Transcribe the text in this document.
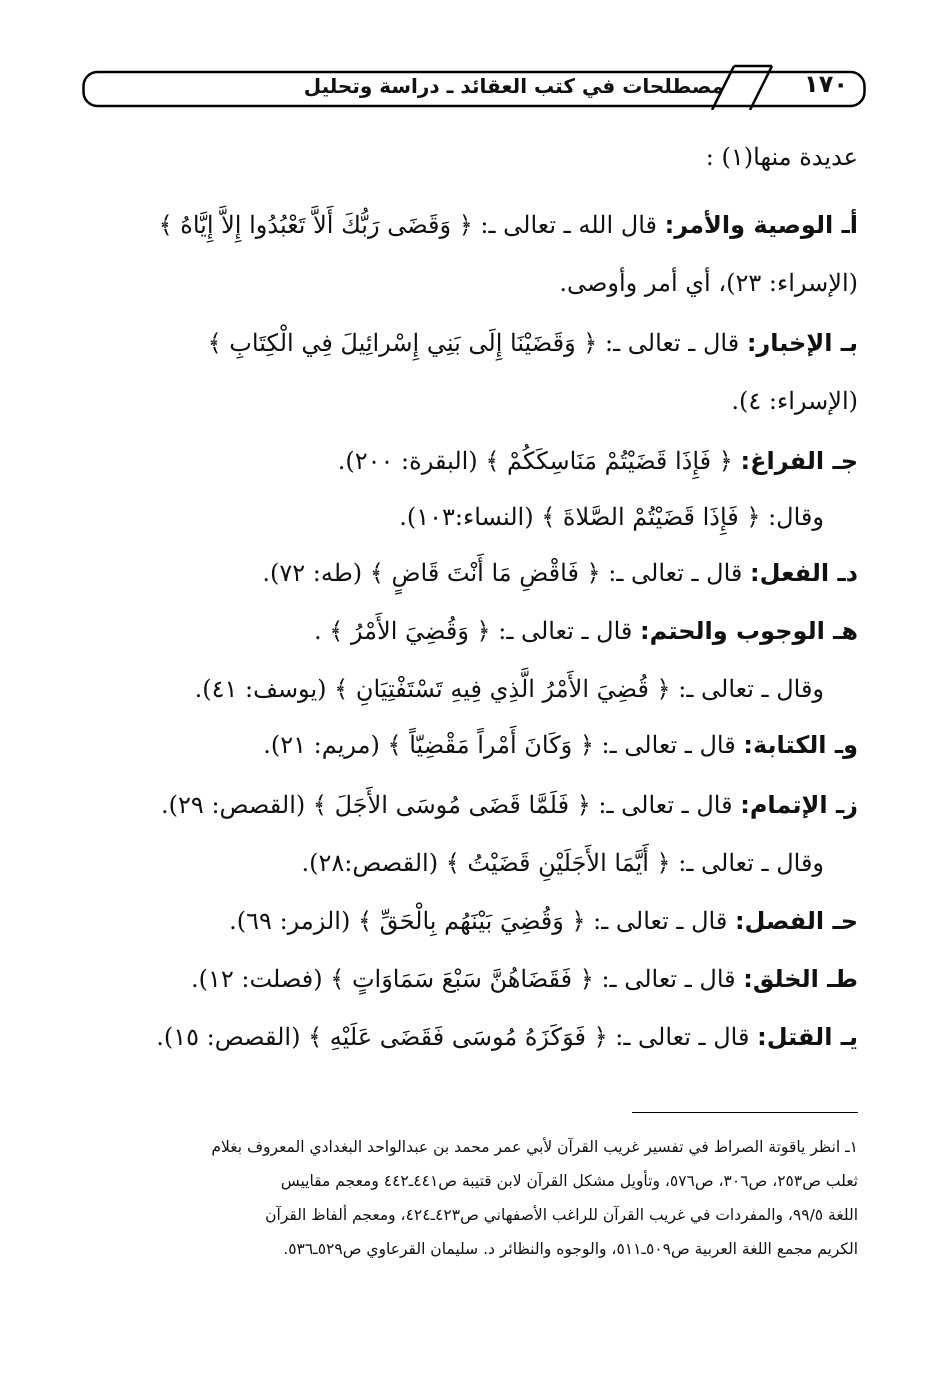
مصطلحات في كتب العقائد ـ دراسة وتحليل	١٧٠
عديدة منها(١) :
أـ الوصية والأمر: قال الله ـ تعالى ـ: ﴿ وَقَضَى رَبُّكَ أَلاَّ تَعْبُدُوا إِلاَّ إِيَّاهُ ﴾
(الإسراء: ٢٣)، أي أمر وأوصى.
بـ الإخبار: قال ـ تعالى ـ: ﴿ وَقَضَيْنَا إِلَى بَنِي إِسْرائِيلَ فِي الْكِتَابِ ﴾
(الإسراء: ٤).
جـ الفراغ: ﴿ فَإِذَا قَضَيْتُمْ مَنَاسِكَكُمْ ﴾ (البقرة: ٢٠٠).
وقال: ﴿ فَإِذَا قَضَيْتُمْ الصَّلاةَ ﴾ (النساء:١٠٣).
دـ الفعل: قال ـ تعالى ـ: ﴿ فَاقْضِ مَا أَنْتَ قَاضٍ ﴾ (طه: ٧٢).
هـ الوجوب والحتم: قال ـ تعالى ـ: ﴿ وَقُضِيَ الأَمْرُ ﴾ .
وقال ـ تعالى ـ: ﴿ قُضِيَ الأَمْرُ الَّذِي فِيهِ تَسْتَفْتِيَانِ ﴾ (يوسف: ٤١).
وـ الكتابة: قال ـ تعالى ـ: ﴿ وَكَانَ أَمْراً مَقْضِيّاً ﴾ (مريم: ٢١).
زـ الإتمام: قال ـ تعالى ـ: ﴿ فَلَمَّا قَضَى مُوسَى الأَجَلَ ﴾ (القصص: ٢٩).
وقال ـ تعالى ـ: ﴿ أَيَّمَا الأَجَلَيْنِ قَضَيْتُ ﴾ (القصص:٢٨).
حـ الفصل: قال ـ تعالى ـ: ﴿ وَقُضِيَ بَيْنَهُم بِالْحَقِّ ﴾ (الزمر: ٦٩).
طـ الخلق: قال ـ تعالى ـ: ﴿ فَقَضَاهُنَّ سَبْعَ سَمَاوَاتٍ ﴾ (فصلت: ١٢).
يـ القتل: قال ـ تعالى ـ: ﴿ فَوَكَزَهُ مُوسَى فَقَضَى عَلَيْهِ ﴾ (القصص: ١٥).
١ـ انظر ياقوتة الصراط في تفسير غريب القرآن لأبي عمر محمد بن عبدالواحد البغدادي المعروف بغلام
ثعلب ص٢٥٣، ص٣٠٦، ص٥٧٦، وتأويل مشكل القرآن لابن قتيبة ص٤٤١ـ٤٤٢ ومعجم مقاييس
اللغة ٩٩/٥، والمفردات في غريب القرآن للراغب الأصفهاني ص٤٢٣ـ٤٢٤، ومعجم ألفاظ القرآن
الكريم مجمع اللغة العربية ص٥٠٩ـ٥١١، والوجوه والنظائر د. سليمان القرعاوي ص٥٢٩ـ٥٣٦.
